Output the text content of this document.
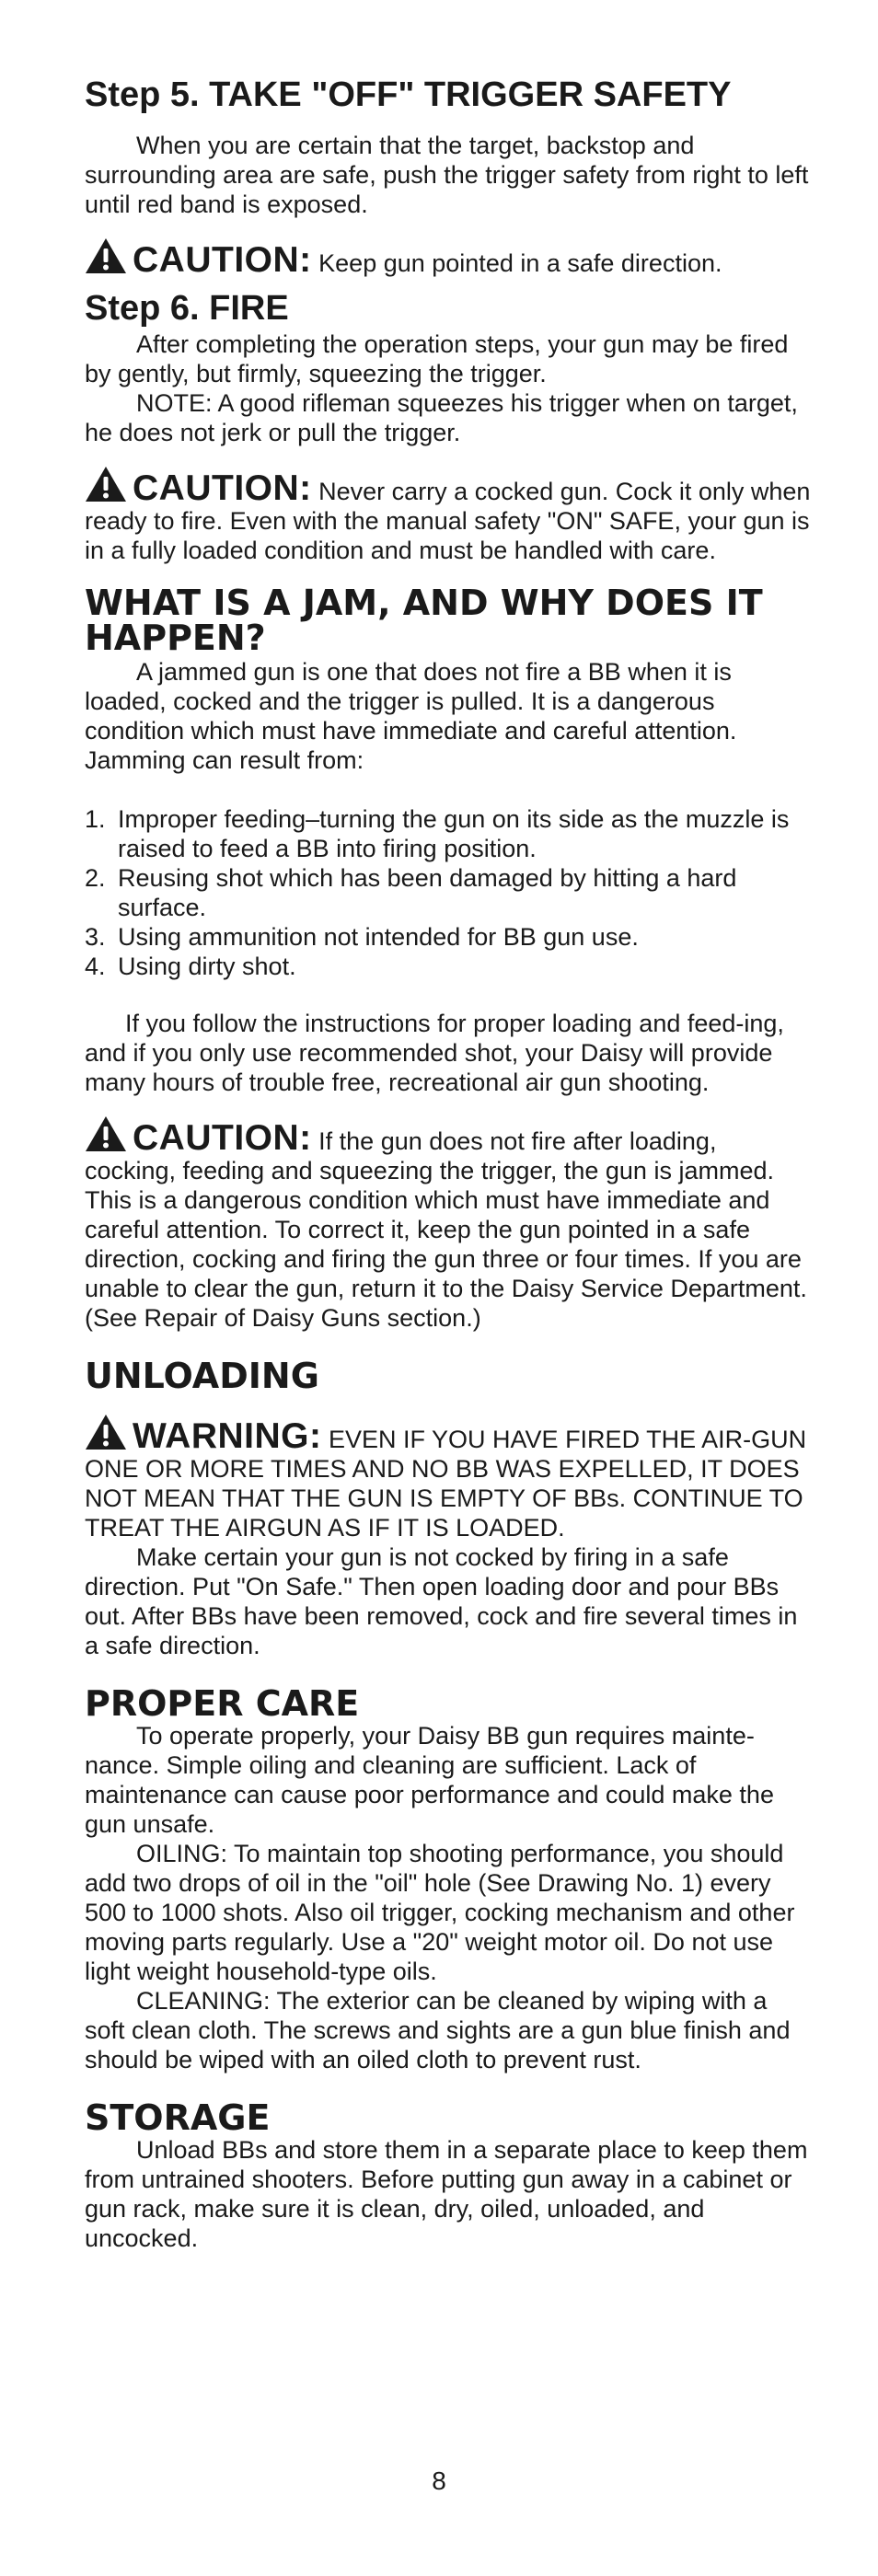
Step 5. TAKE "OFF" TRIGGER SAFETY

When you are certain that the target, backstop and surrounding area are safe, push the trigger safety from right to left until red band is exposed.

CAUTION: Keep gun pointed in a safe direction.

Step 6. FIRE

After completing the operation steps, your gun may be fired by gently, but firmly, squeezing the trigger.

NOTE: A good rifleman squeezes his trigger when on target, he does not jerk or pull the trigger.

CAUTION: Never carry a cocked gun. Cock it only when ready to fire. Even with the manual safety "ON" SAFE, your gun is in a fully loaded condition and must be handled with care.

WHAT IS A JAM, AND WHY DOES IT HAPPEN?

A jammed gun is one that does not fire a BB when it is loaded, cocked and the trigger is pulled. It is a dangerous condition which must have immediate and careful attention. Jamming can result from:

1. Improper feeding–turning the gun on its side as the muzzle is raised to feed a BB into firing position.
2. Reusing shot which has been damaged by hitting a hard surface.
3. Using ammunition not intended for BB gun use.
4. Using dirty shot.

If you follow the instructions for proper loading and feed-ing, and if you only use recommended shot, your Daisy will provide many hours of trouble free, recreational air gun shooting.

CAUTION: If the gun does not fire after loading, cocking, feeding and squeezing the trigger, the gun is jammed. This is a dangerous condition which must have immediate and careful attention. To correct it, keep the gun pointed in a safe direction, cocking and firing the gun three or four times. If you are unable to clear the gun, return it to the Daisy Service Department. (See Repair of Daisy Guns section.)

UNLOADING

WARNING: EVEN IF YOU HAVE FIRED THE AIR-GUN ONE OR MORE TIMES AND NO BB WAS EXPELLED, IT DOES NOT MEAN THAT THE GUN IS EMPTY OF BBs. CONTINUE TO TREAT THE AIRGUN AS IF IT IS LOADED.

Make certain your gun is not cocked by firing in a safe direction. Put "On Safe." Then open loading door and pour BBs out. After BBs have been removed, cock and fire several times in a safe direction.

PROPER CARE

To operate properly, your Daisy BB gun requires mainte-nance. Simple oiling and cleaning are sufficient. Lack of maintenance can cause poor performance and could make the gun unsafe.

OILING: To maintain top shooting performance, you should add two drops of oil in the "oil" hole (See Drawing No. 1) every 500 to 1000 shots. Also oil trigger, cocking mechanism and other moving parts regularly. Use a "20" weight motor oil. Do not use light weight household-type oils.

CLEANING: The exterior can be cleaned by wiping with a soft clean cloth. The screws and sights are a gun blue finish and should be wiped with an oiled cloth to prevent rust.

STORAGE

Unload BBs and store them in a separate place to keep them from untrained shooters. Before putting gun away in a cabinet or gun rack, make sure it is clean, dry, oiled, unloaded, and uncocked.

8
